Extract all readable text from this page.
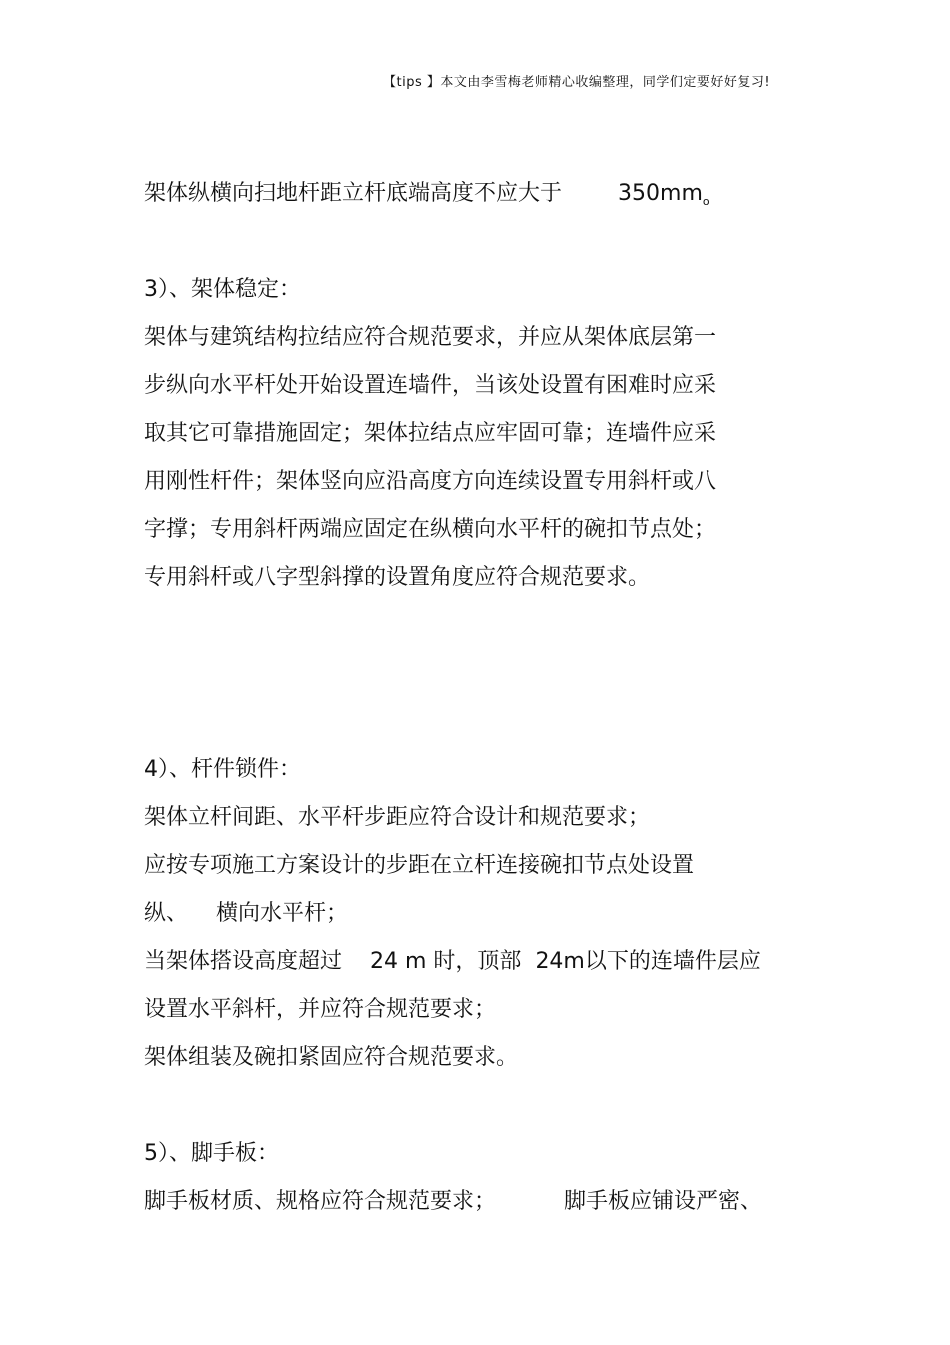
【tips 】本文由李雪梅老师精心收编整理，同学们定要好好复习!
架体纵横向扫地杆距立杆底端高度不应大于	$350mm_o$
3）、架体稳定：
架体与建筑结构拉结应符合规范要求，并应从架体底层第一
步纵向水平杆处开始设置连墙件，当该处设置有困难时应采
取其它可靠措施固定；架体拉结点应牢固可靠；连墙件应采
用刚性杆件；架体竖向应沿高度方向连续设置专用斜杆或八
字撑；专用斜杆两端应固定在纵横向水平杆的碗扣节点处；
专用斜杆或八字型斜撑的设置角度应符合规范要求。
4）、杆件锁件：
架体立杆间距、水平杆步距应符合设计和规范要求；
应按专项施工方案设计的步距在立杆连接碗扣节点处设置
纵、 横向水平杆；
当架体搭设高度超过 24 m 时，顶部 24m以下的连墙件层应
设置水平斜杆，并应符合规范要求；
架体组装及碗扣紧固应符合规范要求。
5）、脚手板：
脚手板材质、规格应符合规范要求；	脚手板应铺设严密、
